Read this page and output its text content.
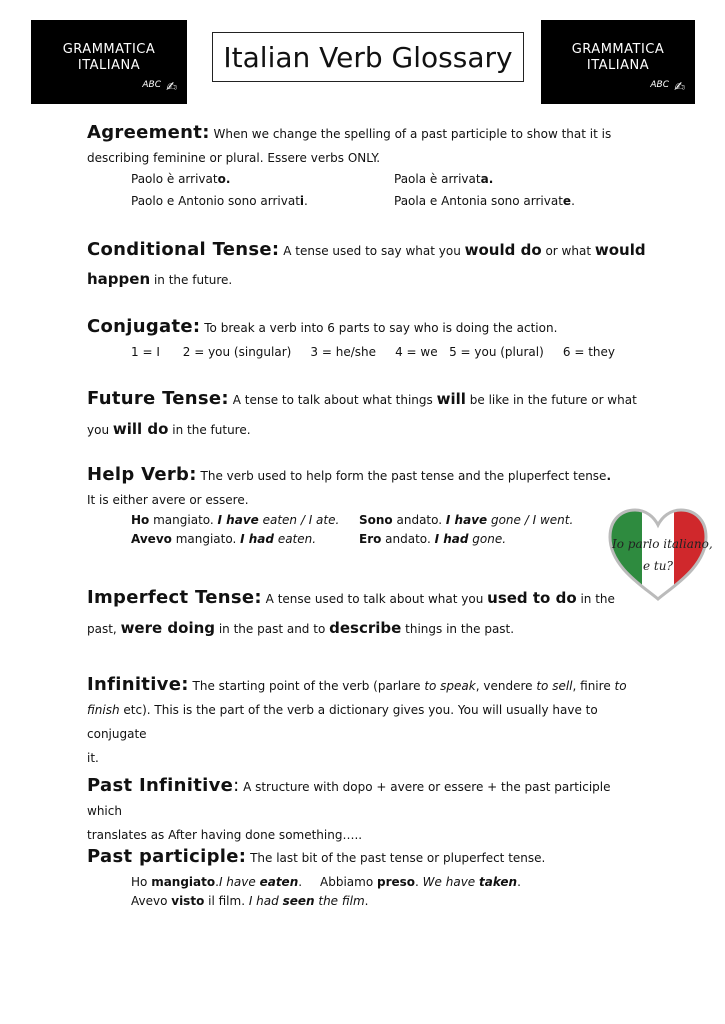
GRAMMATICA
ITALIANA
ABC ✍
GRAMMATICA
ITALIANA
ABC ✍
Italian Verb Glossary
Agreement: When we change the spelling of a past participle to show that it is
describing feminine or plural. Essere verbs ONLY.
Paolo è arrivato.	Paola è arrivata.
Paolo e Antonio sono arrivati.	Paola e Antonia sono arrivate.
Conditional Tense: A tense used to say what you would do or what would
happen in the future.
Conjugate: To break a verb into 6 parts to say who is doing the action.
1 = I 2 = you (singular) 3 = he/she 4 = we 5 = you (plural) 6 = they
Future Tense: A tense to talk about what things will be like in the future or what
you will do in the future.
Help Verb: The verb used to help form the past tense and the pluperfect tense.
It is either avere or essere.
Ho mangiato. I have eaten / I ate. Sono andato. I have gone / I went.
Avevo mangiato. I had eaten.	Ero andato. I had gone.	Io parlo italiano,
e tu?
Imperfect Tense: A tense used to talk about what you used to do in the
past, were doing in the past and to describe things in the past.
Infinitive: The starting point of the verb (parlare to speak, vendere to sell, finire to
finish etc). This is the part of the verb a dictionary gives you. You will usually have to conjugate
it.
Past Infinitive: A structure with dopo + avere or essere + the past participle which
translates as After having done something…..
Past participle: The last bit of the past tense or pluperfect tense.
Ho mangiato.I have eaten. Abbiamo preso. We have taken.
Avevo visto il film. I had seen the film.
